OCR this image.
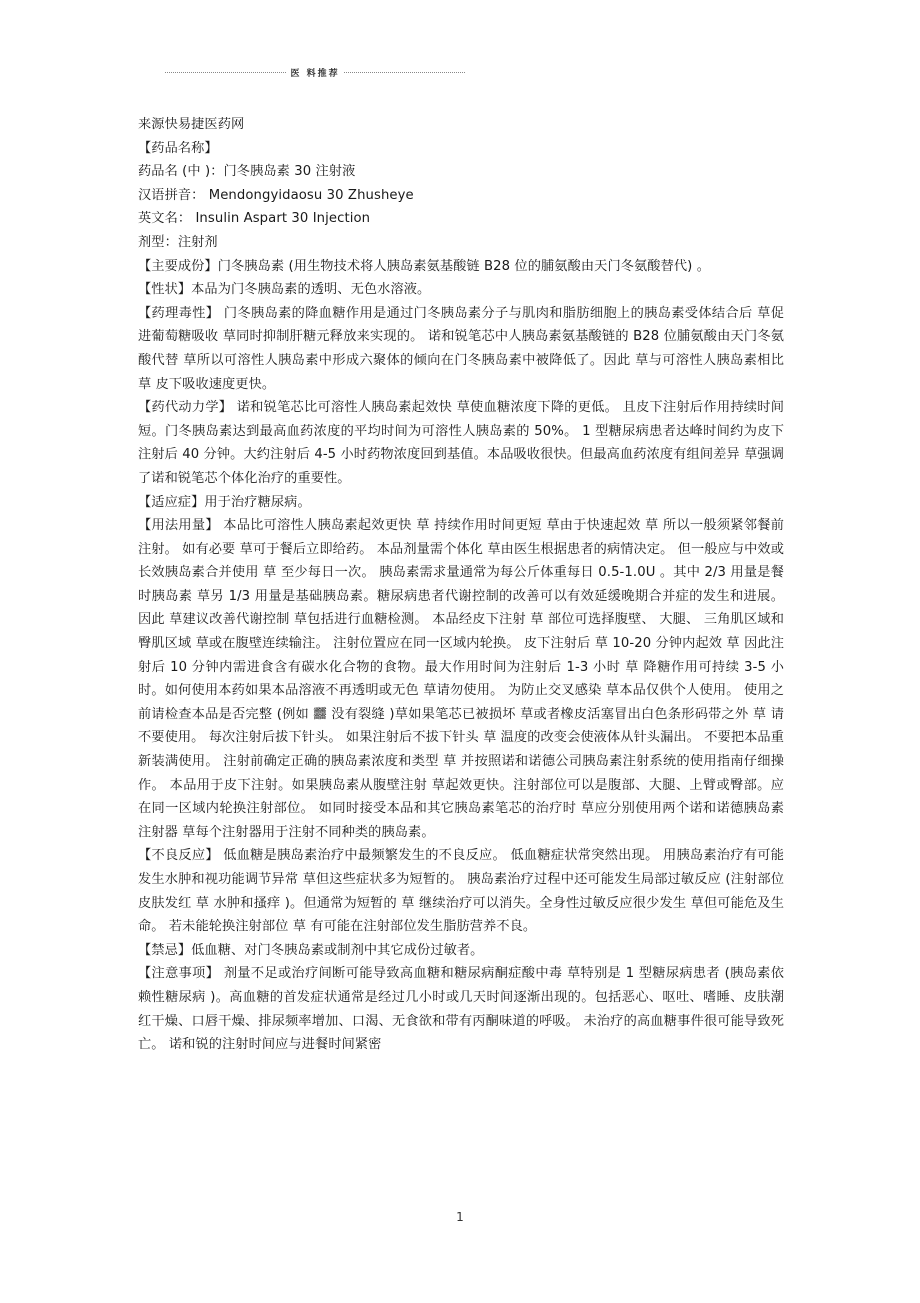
医 料推荐

来源快易捷医药网

【药品名称】

药品名 (中 )：门冬胰岛素 30 注射液

汉语拼音： Mendongyidaosu 30 Zhusheye

英文名： Insulin Aspart 30 Injection

剂型：注射剂

【主要成份】门冬胰岛素 (用生物技术将人胰岛素氨基酸链 B28 位的脯氨酸由天门冬氨酸替代) 。

【性状】本品为门冬胰岛素的透明、无色水溶液。

【药理毒性】 门冬胰岛素的降血糖作用是通过门冬胰岛素分子与肌肉和脂肪细胞上的胰岛素受体结合后 䓍促进葡萄糖吸收 䓍同时抑制肝糖元释放来实现的。 诺和锐笔芯中人胰岛素氨基酸链的 B28 位脯氨酸由天门冬氨酸代替 䓍所以可溶性人胰岛素中形成六聚体的倾向在门冬胰岛素中被降低了。因此 䓍与可溶性人胰岛素相比 䓍 皮下吸收速度更快。

【药代动力学】 诺和锐笔芯比可溶性人胰岛素起效快 䓍使血糖浓度下降的更低。 且皮下注射后作用持续时间短。门冬胰岛素达到最高血药浓度的平均时间为可溶性人胰岛素的 50%。 1 型糖尿病患者达峰时间约为皮下注射后 40 分钟。大约注射后 4-5 小时药物浓度回到基值。本品吸收很快。但最高血药浓度有组间差异 䓍强调了诺和锐笔芯个体化治疗的重要性。

【适应症】用于治疗糖尿病。

【用法用量】 本品比可溶性人胰岛素起效更快 䓍 持续作用时间更短 䓍由于快速起效 䓍 所以一般须紧邻餐前注射。 如有必要 䓍可于餐后立即给药。 本品剂量需个体化 䓍由医生根据患者的病情决定。 但一般应与中效或长效胰岛素合并使用 䓍 至少每日一次。 胰岛素需求量通常为每公斤体重每日 0.5-1.0U 。其中 2/3 用量是餐时胰岛素 䓍另 1/3 用量是基础胰岛素。糖尿病患者代谢控制的改善可以有效延缓晚期合并症的发生和进展。 因此 䓍建议改善代谢控制 䓍包括进行血糖检测。 本品经皮下注射 䓍 部位可选择腹壁、 大腿、 三角肌区域和臀肌区域 䓍或在腹壁连续输注。 注射位置应在同一区域内轮换。 皮下注射后 䓍 10-20 分钟内起效 䓍 因此注射后 10 分钟内需进食含有碳水化合物的食物。最大作用时间为注射后 1-3 小时 䓍 降糖作用可持续 3-5 小时。如何使用本药如果本品溶液不再透明或无色 䓍请勿使用。 为防止交叉感染 䓍本品仅供个人使用。 使用之前请检查本品是否完整 (例如 䨻 没有裂缝 )䓍如果笔芯已被损坏 䓍或者橡皮活塞冒出白色条形码带之外 䓍 请不要使用。 每次注射后拔下针头。 如果注射后不拔下针头 䓍 温度的改变会使液体从针头漏出。 不要把本品重新装满使用。 注射前确定正确的胰岛素浓度和类型 䓍 并按照诺和诺德公司胰岛素注射系统的使用指南仔细操作。 本品用于皮下注射。如果胰岛素从腹壁注射 䓍起效更快。注射部位可以是腹部、大腿、上臂或臀部。应在同一区域内轮换注射部位。 如同时接受本品和其它胰岛素笔芯的治疗时 䓍应分别使用两个诺和诺德胰岛素注射器 䓍每个注射器用于注射不同种类的胰岛素。

【不良反应】 低血糖是胰岛素治疗中最频繁发生的不良反应。 低血糖症状常突然出现。 用胰岛素治疗有可能发生水肿和视功能调节异常 䓍但这些症状多为短暂的。 胰岛素治疗过程中还可能发生局部过敏反应 (注射部位皮肤发红 䓍 水肿和搔痒 )。但通常为短暂的 䓍 继续治疗可以消失。全身性过敏反应很少发生 䓍但可能危及生命。 若未能轮换注射部位 䓍 有可能在注射部位发生脂肪营养不良。

【禁忌】低血糖、对门冬胰岛素或制剂中其它成份过敏者。

【注意事项】 剂量不足或治疗间断可能导致高血糖和糖尿病酮症酸中毒 䓍特别是 1 型糖尿病患者 (胰岛素依赖性糖尿病 )。高血糖的首发症状通常是经过几小时或几天时间逐渐出现的。包括恶心、呕吐、嗜睡、皮肤潮红干燥、口唇干燥、排尿频率增加、口渴、无食欲和带有丙酮味道的呼吸。 未治疗的高血糖事件很可能导致死亡。 诺和锐的注射时间应与进餐时间紧密

1
